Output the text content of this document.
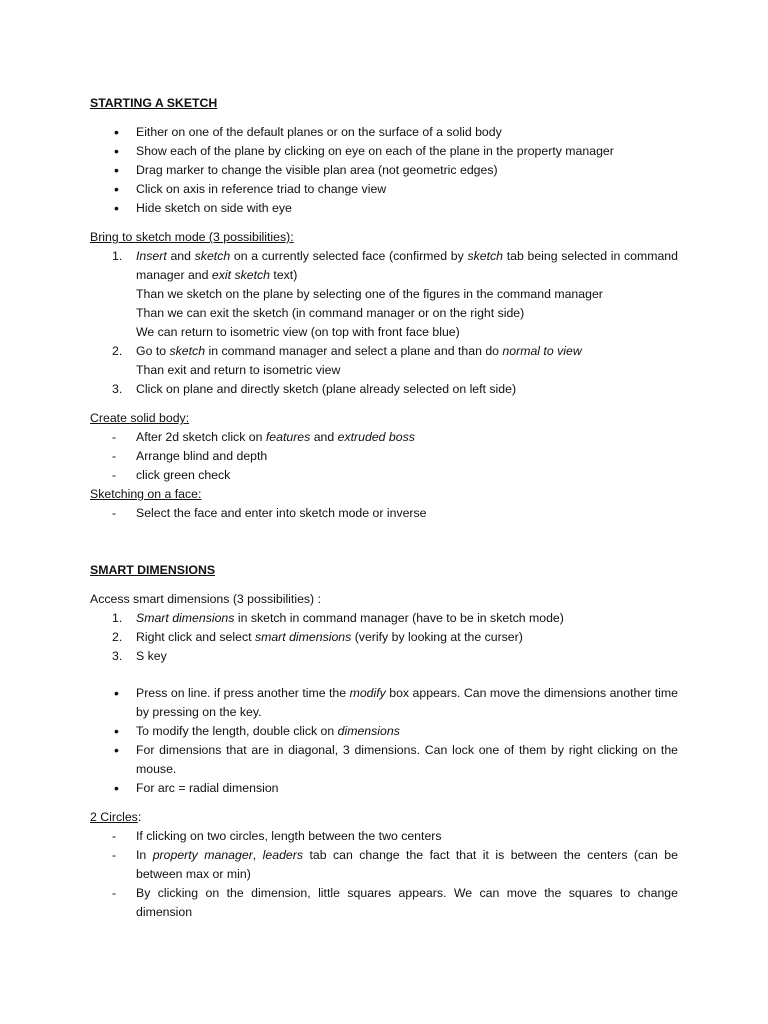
STARTING A SKETCH

• Either on one of the default planes or on the surface of a solid body
• Show each of the plane by clicking on eye on each of the plane in the property manager
• Drag marker to change the visible plan area (not geometric edges)
• Click on axis in reference triad to change view
• Hide sketch on side with eye

Bring to sketch mode (3 possibilities):

1. Insert and sketch on a currently selected face (confirmed by sketch tab being selected in command manager and exit sketch text)
Than we sketch on the plane by selecting one of the figures in the command manager
Than we can exit the sketch (in command manager or on the right side)
We can return to isometric view (on top with front face blue)
2. Go to sketch in command manager and select a plane and than do normal to view
Than exit and return to isometric view
3. Click on plane and directly sketch (plane already selected on left side)

Create solid body:

- After 2d sketch click on features and extruded boss
- Arrange blind and depth
- click green check

Sketching on a face:

- Select the face and enter into sketch mode or inverse

SMART DIMENSIONS

Access smart dimensions (3 possibilities) :

1. Smart dimensions in sketch in command manager (have to be in sketch mode)
2. Right click and select smart dimensions (verify by looking at the curser)
3. S key
• Press on line. if press another time the modify box appears. Can move the dimensions another time by pressing on the key.
• To modify the length, double click on dimensions
• For dimensions that are in diagonal, 3 dimensions. Can lock one of them by right clicking on the mouse.
• For arc = radial dimension

2 Circles:

- If clicking on two circles, length between the two centers
- In property manager, leaders tab can change the fact that it is between the centers (can be between max or min)
- By clicking on the dimension, little squares appears. We can move the squares to change dimension
